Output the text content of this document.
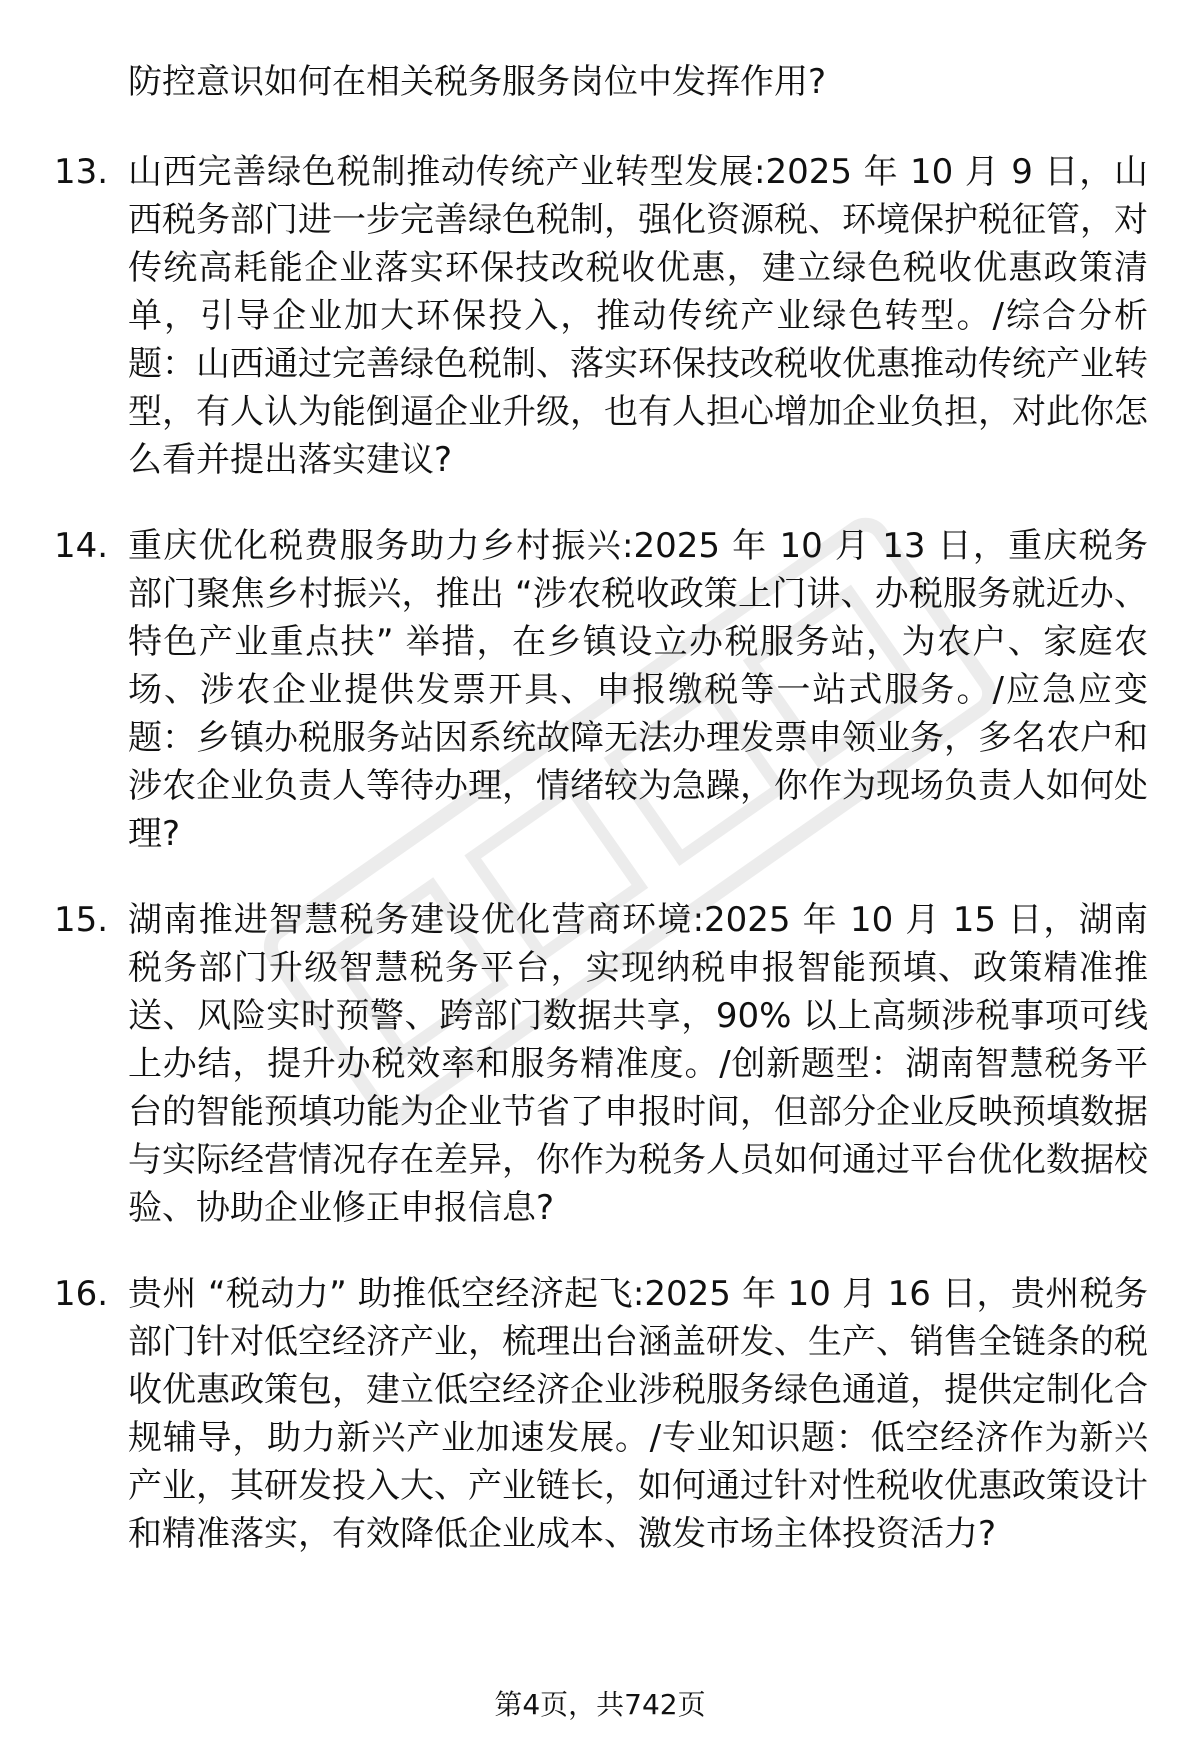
防控意识如何在相关税务服务岗位中发挥作用?
13. 山西完善绿色税制推动传统产业转型发展:2025 年 10 月 9 日，山西税务部门进一步完善绿色税制，强化资源税、环境保护税征管，对传统高耗能企业落实环保技改税收优惠，建立绿色税收优惠政策清单，引导企业加大环保投入，推动传统产业绿色转型。/综合分析题：山西通过完善绿色税制、落实环保技改税收优惠推动传统产业转型，有人认为能倒逼企业升级，也有人担心增加企业负担，对此你怎么看并提出落实建议?
14. 重庆优化税费服务助力乡村振兴:2025 年 10 月 13 日，重庆税务部门聚焦乡村振兴，推出 “涉农税收政策上门讲、办税服务就近办、特色产业重点扶” 举措，在乡镇设立办税服务站，为农户、家庭农场、涉农企业提供发票开具、申报缴税等一站式服务。/应急应变题：乡镇办税服务站因系统故障无法办理发票申领业务，多名农户和涉农企业负责人等待办理，情绪较为急躁，你作为现场负责人如何处理?
15. 湖南推进智慧税务建设优化营商环境:2025 年 10 月 15 日，湖南税务部门升级智慧税务平台，实现纳税申报智能预填、政策精准推送、风险实时预警、跨部门数据共享，90% 以上高频涉税事项可线上办结，提升办税效率和服务精准度。/创新题型：湖南智慧税务平台的智能预填功能为企业节省了申报时间，但部分企业反映预填数据与实际经营情况存在差异，你作为税务人员如何通过平台优化数据校验、协助企业修正申报信息?
16. 贵州 “税动力” 助推低空经济起飞:2025 年 10 月 16 日，贵州税务部门针对低空经济产业，梳理出台涵盖研发、生产、销售全链条的税收优惠政策包，建立低空经济企业涉税服务绿色通道，提供定制化合规辅导，助力新兴产业加速发展。/专业知识题：低空经济作为新兴产业，其研发投入大、产业链长，如何通过针对性税收优惠政策设计和精准落实，有效降低企业成本、激发市场主体投资活力?
第4页，共742页
